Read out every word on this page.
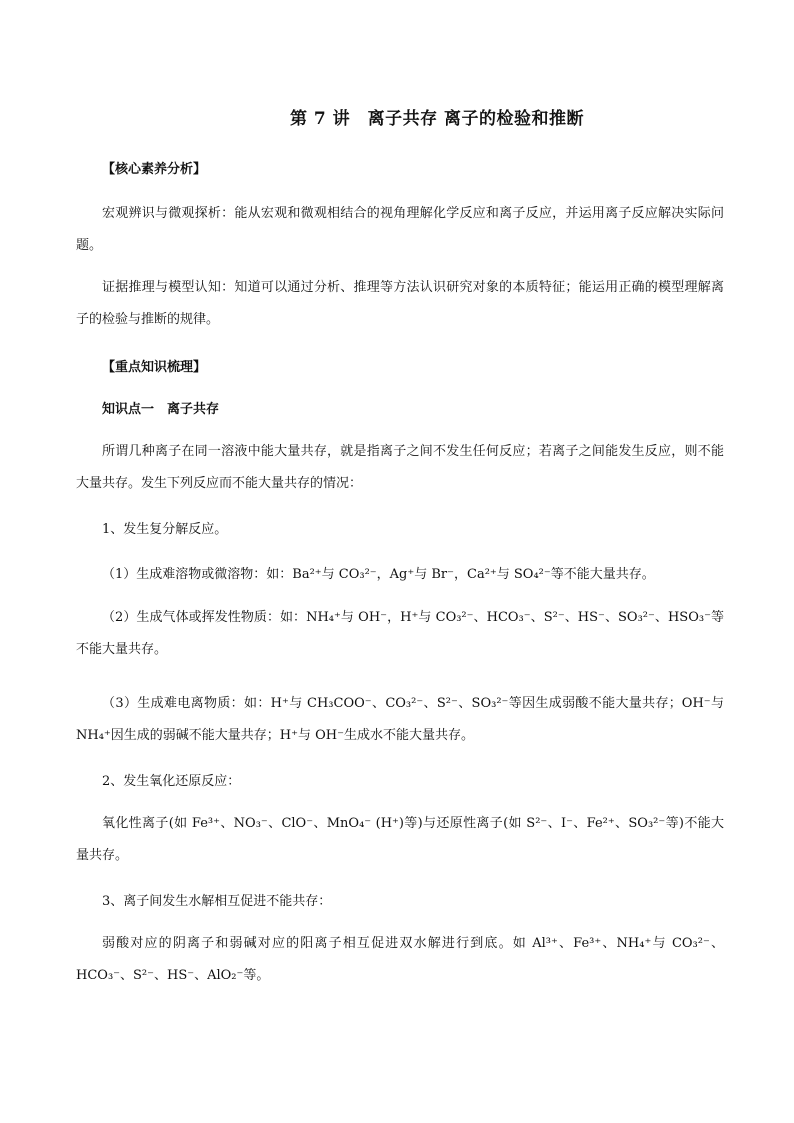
第 7 讲　离子共存 离子的检验和推断
【核心素养分析】
宏观辨识与微观探析：能从宏观和微观相结合的视角理解化学反应和离子反应，并运用离子反应解决实际问题。
证据推理与模型认知：知道可以通过分析、推理等方法认识研究对象的本质特征；能运用正确的模型理解离子的检验与推断的规律。
【重点知识梳理】
知识点一　离子共存
所谓几种离子在同一溶液中能大量共存，就是指离子之间不发生任何反应；若离子之间能发生反应，则不能大量共存。发生下列反应而不能大量共存的情况：
1、发生复分解反应。
（1）生成难溶物或微溶物：如：Ba²⁺与 CO₃²⁻，Ag⁺与 Br⁻，Ca²⁺与 SO₄²⁻等不能大量共存。
（2）生成气体或挥发性物质：如：NH₄⁺与 OH⁻，H⁺与 CO₃²⁻、HCO₃⁻、S²⁻、HS⁻、SO₃²⁻、HSO₃⁻等不能大量共存。
（3）生成难电离物质：如：H⁺与 CH₃COO⁻、CO₃²⁻、S²⁻、SO₃²⁻等因生成弱酸不能大量共存；OH⁻与 NH₄⁺因生成的弱碱不能大量共存；H⁺与 OH⁻生成水不能大量共存。
2、发生氧化还原反应：
氧化性离子(如 Fe³⁺、NO₃⁻、ClO⁻、MnO₄⁻ (H⁺)等)与还原性离子(如 S²⁻、I⁻、Fe²⁺、SO₃²⁻等)不能大量共存。
3、离子间发生水解相互促进不能共存：
弱酸对应的阴离子和弱碱对应的阳离子相互促进双水解进行到底。如 Al³⁺、Fe³⁺、NH₄⁺与 CO₃²⁻、HCO₃⁻、S²⁻、HS⁻、AlO₂⁻等。
